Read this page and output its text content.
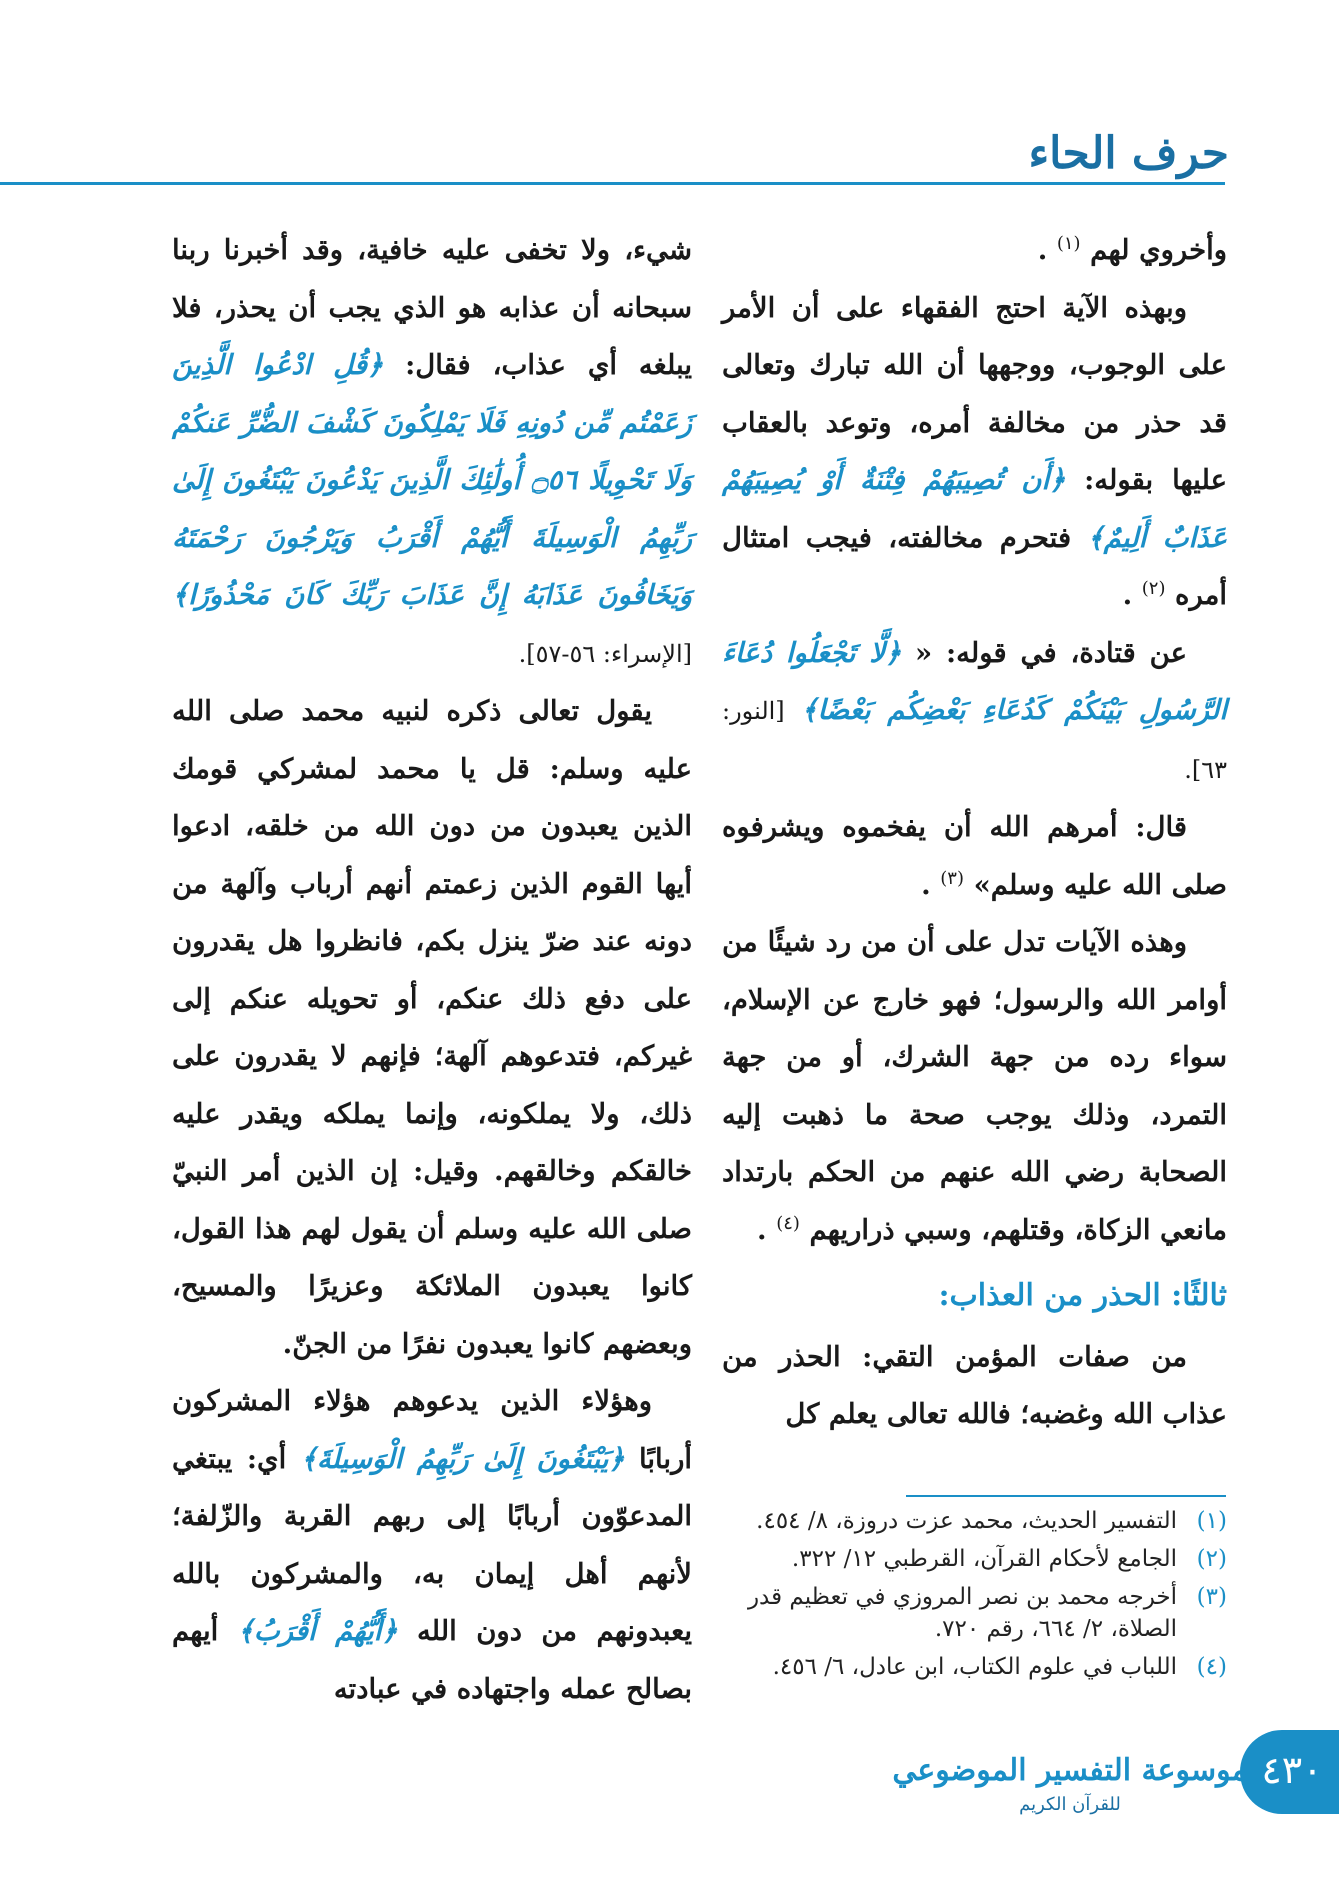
حرف الحاء

وأخروي لهم $^{(١)}$ .

وبهذه الآية احتج الفقهاء على أن الأمر على الوجوب، ووجهها أن الله تبارك وتعالى قد حذر من مخالفة أمره، وتوعد بالعقاب عليها بقوله: ﴿أَن تُصِيبَهُمْ فِتْنَةٌ أَوْ يُصِيبَهُمْ عَذَابٌ أَلِيمٌ﴾ فتحرم مخالفته، فيجب امتثال أمره $^{(٢)}$ .

عن قتادة، في قوله: « ﴿لَّا تَجْعَلُوا دُعَاءَ الرَّسُولِ بَيْنَكُمْ كَدُعَاءِ بَعْضِكُم بَعْضًا﴾ [النور: ٦٣].

قال: أمرهم الله أن يفخموه ويشرفوه صلى الله عليه وسلم» $^{(٣)}$ .

وهذه الآيات تدل على أن من رد شيئًا من أوامر الله والرسول؛ فهو خارج عن الإسلام، سواء رده من جهة الشرك، أو من جهة التمرد، وذلك يوجب صحة ما ذهبت إليه الصحابة رضي الله عنهم من الحكم بارتداد مانعي الزكاة، وقتلهم، وسبي ذراريهم $^{(٤)}$ .

ثالثًا: الحذر من العذاب:

من صفات المؤمن التقي: الحذر من عذاب الله وغضبه؛ فالله تعالى يعلم كل

شيء، ولا تخفى عليه خافية، وقد أخبرنا ربنا سبحانه أن عذابه هو الذي يجب أن يحذر، فلا يبلغه أي عذاب، فقال: ﴿قُلِ ادْعُوا الَّذِينَ زَعَمْتُم مِّن دُونِهِ فَلَا يَمْلِكُونَ كَشْفَ الضُّرِّ عَنكُمْ وَلَا تَحْوِيلًا ۝٥٦ أُولَٰئِكَ الَّذِينَ يَدْعُونَ يَبْتَغُونَ إِلَىٰ رَبِّهِمُ الْوَسِيلَةَ أَيُّهُمْ أَقْرَبُ وَيَرْجُونَ رَحْمَتَهُ وَيَخَافُونَ عَذَابَهُ إِنَّ عَذَابَ رَبِّكَ كَانَ مَحْذُورًا﴾ [الإسراء: ٥٦-٥٧].

يقول تعالى ذكره لنبيه محمد صلى الله عليه وسلم: قل يا محمد لمشركي قومك الذين يعبدون من دون الله من خلقه، ادعوا أيها القوم الذين زعمتم أنهم أرباب وآلهة من دونه عند ضرّ ينزل بكم، فانظروا هل يقدرون على دفع ذلك عنكم، أو تحويله عنكم إلى غيركم، فتدعوهم آلهة؛ فإنهم لا يقدرون على ذلك، ولا يملكونه، وإنما يملكه ويقدر عليه خالقكم وخالقهم. وقيل: إن الذين أمر النبيّ صلى الله عليه وسلم أن يقول لهم هذا القول، كانوا يعبدون الملائكة وعزيرًا والمسيح، وبعضهم كانوا يعبدون نفرًا من الجنّ.

وهؤلاء الذين يدعوهم هؤلاء المشركون أربابًا ﴿يَبْتَغُونَ إِلَىٰ رَبِّهِمُ الْوَسِيلَةَ﴾ أي: يبتغي المدعوّون أربابًا إلى ربهم القربة والزّلفة؛ لأنهم أهل إيمان به، والمشركون بالله يعبدونهم من دون الله ﴿أَيُّهُمْ أَقْرَبُ﴾ أيهم بصالح عمله واجتهاده في عبادته

(١)التفسير الحديث، محمد عزت دروزة، ٨/ ٤٥٤.

(٢)الجامع لأحكام القرآن، القرطبي ١٢/ ٣٢٢.

(٣)أخرجه محمد بن نصر المروزي في تعظيم قدر الصلاة، ٢/ ٦٦٤، رقم ٧٢٠.

(٤)اللباب في علوم الكتاب، ابن عادل، ٦/ ٤٥٦.

٤٣٠
موسوعة التفسير الموضوعي
للقرآن الكريم
